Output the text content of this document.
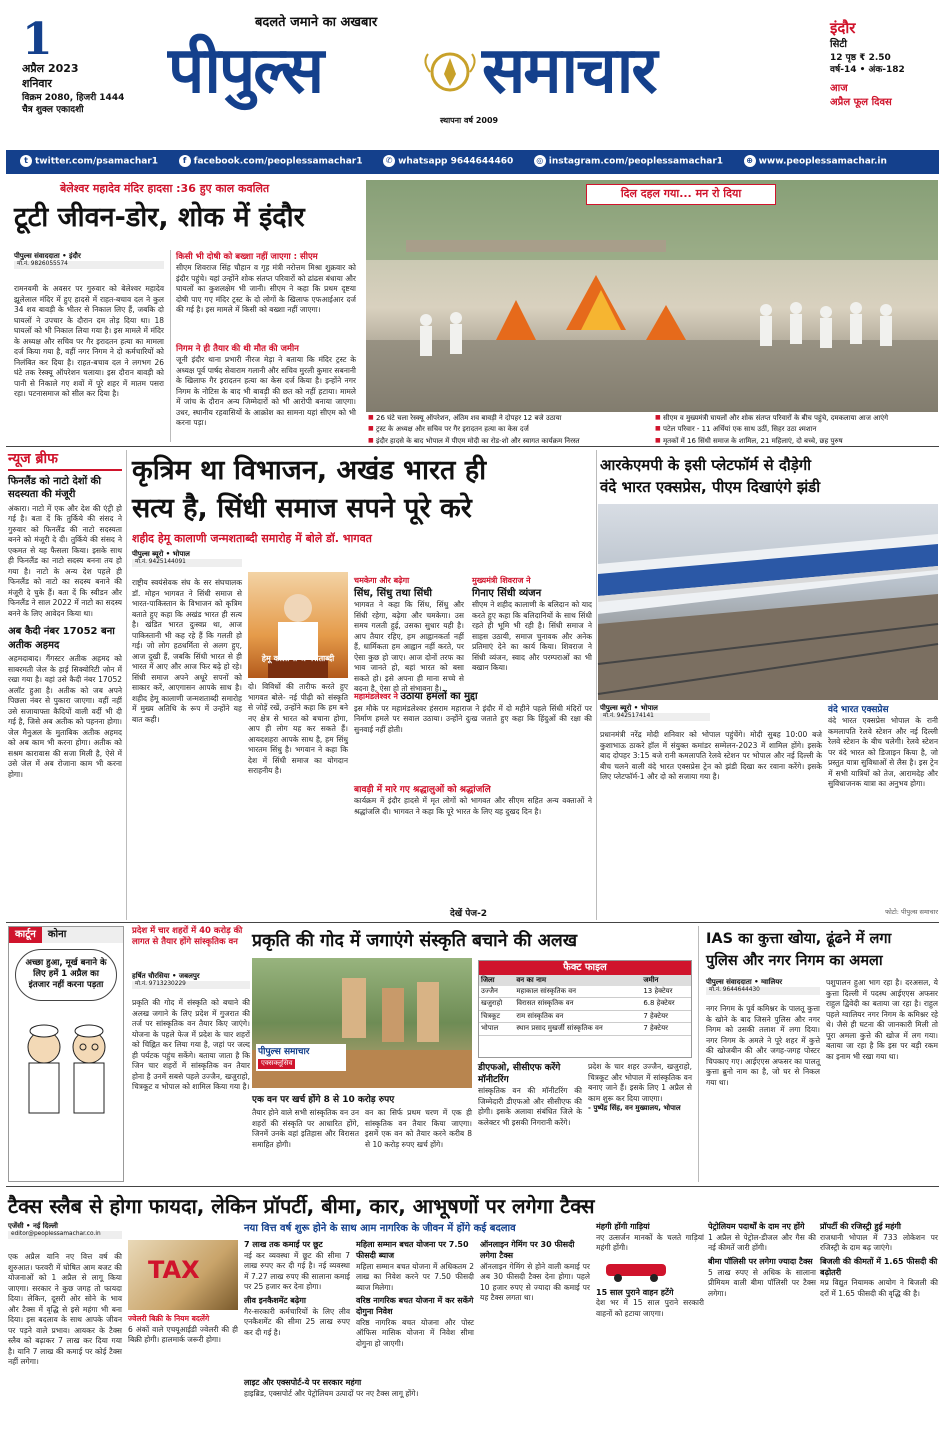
1
अप्रैल 2023
शनिवार
विक्रम 2080, हिजरी 1444
चैत्र शुक्ल एकादशी
बदलते जमाने का अखबार
पीपुल्स	समाचार
स्थापना वर्ष 2009
इंदौर
सिटी
12 पृष्ठ ₹ 2.50
वर्ष-14 • अंक-182
आज
अप्रैल फूल दिवस
t twitter.com/psamachar1	f facebook.com/peoplessamachar1	✆ whatsapp 9644644460	◎ instagram.com/peoplessamachar1	⊕ www.peoplessamachar.in
बेलेश्वर महादेव मंदिर हादसा :36 हुए काल कवलित
टूटी जीवन-डोर, शोक में इंदौर
पीपुल्स संवाददाता • इंदौर
मो.नं. 9826055574
रामनवमी के अवसर पर गुरुवार को बेलेश्वर महादेव झूलेलाल मंदिर में हुए हादसे में राहत-बचाव दल ने कुल 34 शव बावड़ी के भीतर से निकाल लिए हैं, जबकि दो घायलों ने उपचार के दौरान दम तोड़ दिया था। 18 घायलों को भी निकाल लिया गया है। इस मामले में मंदिर के अध्यक्ष और सचिव पर गैर इरादतन हत्या का मामला दर्ज किया गया है, वहीं नगर निगम ने दो कर्मचारियों को निलंबित कर दिया है। राहत-बचाव दल ने लगभग 26 घंटे तक रेस्क्यू ऑपरेशन चलाया। इस दौरान बावड़ी को पानी से निकाले गए शवों में पूरे शहर में मातम पसरा रहा। पटनासमाज को सील कर दिया है।
किसी भी दोषी को बख्शा नहीं जाएगा : सीएम
सीएम शिवराज सिंह चौहान व गृह मंत्री नरोत्तम मिश्रा शुक्रवार को इंदौर पहुंचे। यहां उन्होंने शोक संतप्त परिवारों को ढांढस बंधाया और घायलों का कुशलक्षेम भी जानी। सीएम ने कहा कि प्रथम दृष्टया दोषी पाए गए मंदिर ट्रस्ट के दो लोगों के खिलाफ एफआईआर दर्ज की गई है। इस मामले में किसी को बख्शा नहीं जाएगा।
निगम ने ही तैयार की थी मौत की जमीन
जूनी इंदौर थाना प्रभारी नीरज मेड़ा ने बताया कि मंदिर ट्रस्ट के अध्यक्ष पूर्व पार्षद सेवाराम गलानी और सचिव मुरली कुमार सबनानी के खिलाफ गैर इरादतन हत्या का केस दर्ज किया है। इन्होंने नगर निगम के नोटिस के बाद भी बावड़ी की छत को नहीं हटाया। मामले में जांच के दौरान अन्य जिम्मेदारों को भी आरोपी बनाया जाएगा। उधर, स्थानीय रहवासियों के आक्रोश का सामना यहां सीएम को भी करना पड़ा।
दिल दहल गया... मन रो दिया
■ 26 घंटे चला रेस्क्यू ऑपरेशन, अंतिम शव बावड़ी ने दोपहर 12 बजे उठाया
■ ट्रस्ट के अध्यक्ष और सचिव पर गैर इरादतन हत्या का केस दर्ज
■ इंदौर हादसे के बाद भोपाल में पीएम मोदी का रोड-शो और स्वागत कार्यक्रम निरस्त
■ सीएम व मुख्यमंत्री घायलों और शोक संतप्त परिवारों के बीच पहुंचे, दमकलाया आज आएंगे
■ पटेल परिवार - 11 अर्थियां एक साथ उठीं, सिहर उठा श्मशान
■ मृतकों में 16 सिंधी समाज के शामिल, 21 महिलाएं, दो बच्चे, छह पुरुष
न्यूज ब्रीफ
फिनलैंड को नाटो देशों की सदस्यता की मंजूरी
अंकारा। नाटो में एक और देश की एंट्री हो गई है। बता दें कि तुर्किये की संसद ने गुरुवार को फिनलैंड की नाटो सदस्यता बनने को मंजूरी दे दी। तुर्किये की संसद ने एकमत से यह फैसला किया। इसके साथ ही फिनलैंड का नाटो सदस्य बनना तय हो गया है। नाटो के अन्य देश पहले ही फिनलैंड को नाटो का सदस्य बनाने की मंजूरी दे चुके हैं। बता दें कि स्वीडन और फिनलैंड ने साल 2022 में नाटो का सदस्य बनने के लिए आवेदन किया था।
अब कैदी नंबर 17052 बना अतीक अहमद
अहमदाबाद। गैंगस्टर अतीक अहमद को साबरमती जेल के हाई सिक्योरिटी जोन में रखा गया है। वहां उसे कैदी नंबर 17052 अलॉट हुआ है। अतीक को जब अपने पिछला नंबर से पुकारा जाएगा। वहीं नहीं उसे सजायाफ्ता कैदियों वाली वर्दी भी दी गई है, जिसे अब अतीक को पहनना होगा। जेल मैनुअल के मुताबिक अतीक अहमद को अब काम भी करना होगा। अतीक को सश्रम कारावास की सजा मिली है, ऐसे में उसे जेल में अब रोजाना काम भी करना होगा।
कृत्रिम था विभाजन, अखंड भारत ही
सत्य है, सिंधी समाज सपने पूरे करे
शहीद हेमू कालाणी जन्मशताब्दी समारोह में बोले डॉ. भागवत
पीपुल्स ब्यूरो • भोपाल
मो.नं. 9425144091
राष्ट्रीय स्वयंसेवक संघ के सर संघचालक डॉ. मोहन भागवत ने सिंधी समाज से भारत-पाकिस्तान के विभाजन को कृत्रिम बताते हुए कहा कि अखंड भारत ही सत्य है। खंडित भारत दुःस्वप्न था, आज पाकिस्तानी भी कह रहे हैं कि गलती हो गई। जो लोग हठधर्मिता से अलग हुए, आज दुखी हैं, जबकि सिंधी भारत से ही भारत में आए और आज फिर बढ़े हो रहे। सिंधी समाज अपने अधूरे सपनों को साकार करें, आएगासन आपके साथ है। शहीद हेमू कालाणी जन्मशताब्दी समारोह में मुख्य अतिथि के रूप में उन्होंने यह बात कही।
हेमू कालाणी जन्मशताब्दी
दो। विविधों की तारीफ करते हुए भागवत बोले- नई पीढ़ी को संस्कृति से जोड़ें रखें, उन्होंने कहा कि हम बने नए क्षेत्र से भारत को बचाना होगा, आप ही लोग यह कर सकते हैं। आयदशहरा आपके साथ है, हम सिंधु भारतम सिंधु है। भगवान ने कहा कि देश में सिंधी समाज का योगदान सराहनीय है।
चमकेगा और बढ़ेगा
सिंध, सिंधु तथा सिंधी
भागवत ने कहा कि सिंध, सिंधु और सिंधी रहेगा, बढ़ेगा और चमकेगा। उस समय गलती हुई, उसका सुधार यही है। आप तैयार रहिए, हम आह्वानकर्ता नहीं हैं, धार्मिकता हम आह्वान नहीं करते, पर ऐसा कुछ हो जाए। आज दोनों तरफ का भाव जानते हो, बहां भारत को बसा सकते हो। इसे अपना ही माना सच्चे से बदना है, ऐसा हो तो संभावना है।
मुख्यमंत्री शिवराज ने
गिनाए सिंधी व्यंजन
सीएम ने शहीद कालाणी के बलिदान को याद करते हुए कहा कि बलिदानियों के साथ सिंधी रहते ही भूमि भी रही है। सिंधी समाज ने साहस उठायी, समाज चुनावक और अनेक प्रतिमाएं देने का कार्य किया। शिवराज ने सिंधी व्यंजन, स्वाद और परम्पराओं का भी बखान किया।
महामंडलेश्वर ने उठाया हमलों का मुद्दा
इस मौके पर महामंडलेश्वर हंसराम महाराज ने इंदौर में दो महीने पहले सिंधी मंदिरों पर निर्माण हमले पर सवाल उठाया। उन्होंने दुःख जताते हुए कहा कि हिंदुओं की रक्षा की सुनवाई नहीं होती।
बावड़ी में मारे गए श्रद्धालुओं को श्रद्धांजलि
कार्यक्रम में इंदौर हादसे में मृत लोगों को भागवत और सीएम सहित अन्य वक्ताओं ने श्रद्धांजलि दी। भागवत ने कहा कि पूरे भारत के लिए यह दुखद दिन है।
देखें पेज-2
आरकेएमपी के इसी प्लेटफॉर्म से दौड़ेगी
वंदे भारत एक्सप्रेस, पीएम दिखाएंगे झंडी
पीपुल्स ब्यूरो • भोपाल
मो.नं. 9425174141
प्रधानमंत्री नरेंद्र मोदी शनिवार को भोपाल पहुंचेंगे। मोदी सुबह 10:00 बजे कुशाभाऊ ठाकरे हॉल में संयुक्त कमांडर सम्मेलन-2023 में शामिल होंगे। इसके बाद दोपहर 3:15 बजे रानी कमलापति रेलवे स्टेशन पर भोपाल और नई दिल्ली के बीच चलने वाली वंदे भारत एक्सप्रेस ट्रेन को झंडी दिखा कर रवाना करेंगे। इसके लिए प्लेटफॉर्म-1 और दो को सजाया गया है।
वंदे भारत एक्सप्रेस
वंदे भारत एक्सप्रेस भोपाल के रानी कमलापति रेलवे स्टेशन और नई दिल्ली रेलवे स्टेशन के बीच चलेगी। रेलवे स्टेशन पर वंदे भारत को डिजाइन किया है, जो प्रस्तुत यात्रा सुविधाओं से लैस है। इस ट्रेन में सभी यात्रियों को तेज, आरामदेह और सुविधाजनक यात्रा का अनुभव होगा।
फोटो: पीपुल्स समाचार
कार्टून	कोना
अच्छा हुआ, मूर्ख बनाने के लिए हमें 1 अप्रैल का इंतजार नहीं करना पड़ता
प्रदेश में चार शहरों में 40 करोड़ की लागत से तैयार होंगे सांस्कृतिक वन
हर्षित चौरसिया • जबलपुर
मो.नं. 9713230229
प्रकृति की गोद में संस्कृति को बचाने की अलख जगाने के लिए प्रदेश में गुजरात की तर्ज पर सांस्कृतिक वन तैयार किए जाएंगे। योजना के पहले फेज में प्रदेश के चार शहरों को चिह्नित कर लिया गया है, जहां पर जल्द ही पर्यटक पहुंच सकेंगे। बताया जाता है कि जिन चार शहरों में सांस्कृतिक वन तैयार होना है उनमें सबसे पहले उज्जैन, खजुराहो, चित्रकूट व भोपाल को शामिल किया गया है।
प्रकृति की गोद में जगाएंगे संस्कृति बचाने की अलख
पीपुल्स समाचार
एक्सक्लूसिव
एक वन पर खर्च होंगे 8 से 10 करोड़ रुपए
तैयार होने वाले सभी सांस्कृतिक वन उन शहरों की संस्कृति पर आधारित होंगे, जिनमें उनके वहां इतिहास और विरासत समाहित होगी।
वन का सिर्फ प्रथम चरण में एक ही सांस्कृतिक वन तैयार किया जाएगा। इसमें एक वन को तैयार करने करीब 8 से 10 करोड़ रुपए खर्च होंगे।
फैक्ट फाइल
जिला	वन का नाम	जमीन
उज्जैन	महाकाल सांस्कृतिक वन	13 हेक्टेयर
खजुराहो	विरासत सांस्कृतिक वन	6.8 हेक्टेयर
चित्रकूट	राम सांस्कृतिक वन	7 हेक्टेयर
भोपाल	स्थान प्रसाद मुखर्जी सांस्कृतिक वन	7 हेक्टेयर
डीएफओ, सीसीएफ करेंगे मॉनीटरिंग
सांस्कृतिक वन की मॉनीटरिंग की जिम्मेदारी डीएफओ और सीसीएफ की होगी। इसके अलावा संबंधित जिले के कलेक्टर भी इसकी निगरानी करेंगे।
प्रदेश के चार शहर उज्जैन, खजुराहो, चित्रकूट और भोपाल में सांस्कृतिक वन बनाए जाने हैं। इसके लिए 1 अप्रैल से काम शुरू कर दिया जाएगा।
- पुष्पेंद्र सिंह, वन मुख्यालय, भोपाल
IAS का कुत्ता खोया, ढूंढने में लगा
पुलिस और नगर निगम का अमला
पीपुल्स संवाददाता • ग्वालियर
मो.नं. 9644644430
नगर निगम के पूर्व कमिश्नर के पालतू कुत्ता के खोने के बाद जिसने पुलिस और नगर निगम को उसकी तलाश में लगा दिया। नगर निगम के अमले ने पूरे शहर में कुत्ते की खोजबीन की और जगह-जगह पोस्टर चिपकाए गए। आईएएस अफसर का पालतू कुत्ता ब्रुनो नाम का है, जो घर से निकल गया था।
पशुपालन हुआ भाग रहा है। दरअसल, ये कुत्ता दिल्ली में पदस्थ आईएएस अफसर राहुल द्विवेदी का बताया जा रहा है। राहुल पहले ग्वालियर नगर निगम के कमिश्नर रहे थे। जैसे ही घटना की जानकारी मिली तो पूरा अमला कुत्ते की खोज में लग गया। बताया जा रहा है कि इस पर बड़ी रकम का इनाम भी रखा गया था।
टैक्स स्लैब से होगा फायदा, लेकिन प्रॉपर्टी, बीमा, कार, आभूषणों पर लगेगा टैक्स
नया वित्त वर्ष शुरू होने के साथ आम नागरिक के जीवन में होंगे कई बदलाव
एजेंसी • नई दिल्ली
editor@peoplessamachar.co.in
एक अप्रैल यानि नए वित्त वर्ष की शुरुआत। फरवरी में घोषित आम बजट की योजनाओं को 1 अप्रैल से लागू किया जाएगा। सरकार ने कुछ जगह तो फायदा दिया। लेकिन, दूसरी ओर सोने के भाव और टैक्स में वृद्धि से इसे महंगा भी बना दिया। इस बदलाव के साथ आपके जीवन पर पड़ने वाले प्रभाव। आयकर के टैक्स स्लैब को बढ़ाकर 7 लाख कर दिया गया है। यानि 7 लाख की कमाई पर कोई टैक्स नहीं लगेगा।
TAX
ज्वेलरी बिक्री के नियम बदलेंगे
6 अंकों वाले एचयूआईडी ज्वेलरी की ही बिक्री होगी। हालमार्क जरूरी होगा।
7 लाख तक कमाई पर छूट
नई कर व्यवस्था में छूट की सीमा 7 लाख रुपए कर दी गई है। नई व्यवस्था में 7.27 लाख रुपए की सालाना कमाई पर 25 हजार कर देना होगा।
लीव इनकैशमेंट बढ़ेगा
गैर-सरकारी कर्मचारियों के लिए लीव एनकैशमेंट की सीमा 25 लाख रुपए कर दी गई है।
महिला सम्मान बचत योजना पर 7.50 फीसदी ब्याज
महिला सम्मान बचत योजना में अधिकतम 2 लाख का निवेश करने पर 7.50 फीसदी ब्याज मिलेगा।
वरिष्ठ नागरिक बचत योजना में कर सकेंगे दोगुना निवेश
वरिष्ठ नागरिक बचत योजना और पोस्ट ऑफिस मासिक योजना में निवेश सीमा दोगुना हो जाएगी।
ऑनलाइन गेमिंग पर 30 फीसदी लगेगा टैक्स
ऑनलाइन गेमिंग से होने वाली कमाई पर अब 30 फीसदी टैक्स देना होगा। पहले 10 हजार रुपए से ज्यादा की कमाई पर यह टैक्स लगता था।
मंहगी होंगी गाड़ियां
नए उत्सर्जन मानकों के चलते गाड़ियां महंगी होंगी।
15 साल पुराने वाहन हटेंगे
देश भर में 15 साल पुराने सरकारी वाहनों को हटाया जाएगा।
पेट्रोलियम पदार्थों के दाम नए होंगे
1 अप्रैल से पेट्रोल-डीजल और गैस की नई कीमतें जारी होंगी।
बीमा पॉलिसी पर लगेगा ज्यादा टैक्स
5 लाख रुपए से अधिक के सालाना प्रीमियम वाली बीमा पॉलिसी पर टैक्स लगेगा।
प्रॉपर्टी की रजिस्ट्री हुई महंगी
राजधानी भोपाल में 733 लोकेशन पर रजिस्ट्री के दाम बढ़ जाएंगे।
बिजली की कीमतों में 1.65 फीसदी की बढ़ोतरी
मप्र विद्युत नियामक आयोग ने बिजली की दरों में 1.65 फीसदी की वृद्धि की है।
लाइट और एक्सपोर्ट-ये पर सरकार महंगा
हाइब्रिड, एक्सपोर्ट और पेट्रोलियम उत्पादों पर नए टैक्स लागू होंगे।
